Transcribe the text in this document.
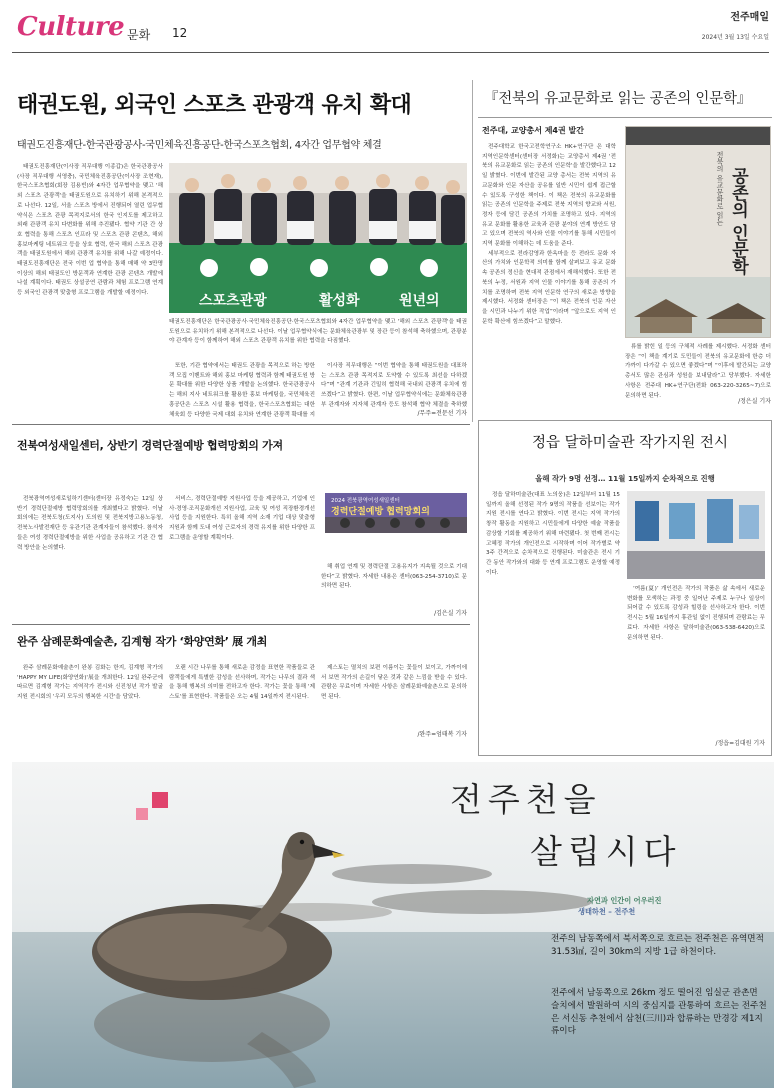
Culture 문화 12
전주매일
2024년 3월 13일 수요일
태권도원, 외국인 스포츠 관광객 유치 확대
태권도진흥재단-한국관광공사-국민체육진흥공단-한국스포츠협회, 4자간 업무협약 체결

태권도진흥재단(이사장 직무대행 이종갑)은 한국관광공사(사장 직무대행 서영충), 국민체육진흥공단(이사장 조현재), 한국스포츠협회(회장 김용빈)와 4자간 업무협약을 맺고 '해외 스포츠 관광객'을 태권도원으로 유치하기 위해 본격적으로 나선다. 12일, 서울 스포츠 방에서 진행되어 열린 업무협약식은 스포츠 관광 목적지로서의 한국 인지도를 제고하고 외래 관광객 유치 다변화를 위해 추진됐다. 협약 기관 간 상호 협력을 통해 스포츠 인프라 및 스포츠 관광 콘텐츠, 해외 홍보마케팅 네트워크 등을 상호 협력, 한국 해외 스포츠 관광객을 태권도원에서 해외 관광객 유치를 위해 나갈 예정이다. 태권도진흥재단은 전국 이번 업 협약을 통해 매해 약 3만명 이상의 해외 태권도인 방문객과 연계한 관광 콘텐츠 개발에 나설 계획이다. 태권도 상설공연 관람과 체험 프로그램 연계 등 외국인 관광객 맞춤형 프로그램을 개발할 예정이다.	스포츠관광	활성화	원년의
태권도진흥재단은 한국관광공사·국민체육진흥공단·한국스포츠협회와 4자간 업무협약을 맺고 '해외 스포츠 관광객'을 태권도원으로 유치하기 위해 본격적으로 나선다. 이날 업무협약식에는 문화체육관광부 및 장관 등이 참석해 축하했으며, 관광분야 관계자 등이 함께하여 해외 스포츠 관광객 유치를 위한 협력을 다짐했다.

또한, 기관 협약에서는 태권도 관광을 목적으로 하는 방한객 모집 이벤트와 해외 홍보 마케팅 협력과 함께 태권도원 방문 확대를 위한 다양한 상품 개발을 논의했다. 한국관광공사는 해외 지사 네트워크를 활용한 홍보 마케팅을, 국민체육진흥공단은 스포츠 시설 활용 협력을, 한국스포츠협회는 대한체육회 등 다양한 국제 대회 유치와 연계한 관광객 확대를 지

이사장 직무대행은 “이번 협약을 통해 태권도원을 대표하는 스포츠 관광 목적지로 도약할 수 있도록 최선을 다하겠다”며 “관계 기관과 긴밀히 협력해 국내외 관광객 유치에 힘쓰겠다”고 밝혔다. 한편, 이날 업무협약식에는 문화체육관광부 관계자와 지자체 관계자 등도 참석해 협약 체결을 축하했

/무주=전문선 기자
『전북의 유교문화로 읽는 공존의 인문학』
전주대, 교양총서 제4권 발간

전주대학교 한국고전학연구소 HK+연구단 은 대학 지역인문학센터(센터장 서정화)는 교양총서 제4권 '전북의 유교문화로 읽는 공존의 인문학'을 발간했다고 12일 밝혔다. 이번에 발간된 교양 총서는 전북 지역의 유교문화와 인문 자산을 공유를 일반 시민이 쉽게 접근할 수 있도록 구성한 책이다. 이 책은 전북의 유교문화를 읽는 공존의 인문학을 주제로 전북 지역의 향교와 서원, 정자 등에 담긴 공존의 가치를 조명하고 있다. 지역의 유교 문화를 활용한 교육과 관광 분야의 연계 방안도 담고 있으며 전북의 역사와 인물 이야기를 통해 시민들이 지역 문화를 이해하는 데 도움을 준다.

세부적으로 전라감영과 한옥마을 등 전라도 문화 자산의 가치와 인문학적 의미를 함께 살펴보고 유교 문화 속 공존의 정신을 현대적 관점에서 재해석했다. 또한 전북의 누정, 서원과 지역 인물 이야기를 통해 공존의 가치를 조명하며 전북 지역 인문학 연구의 새로운 방향을 제시했다. 서정화 센터장은 “이 책은 전북의 인문 자산을 시민과 나누기 위한 작업”이라며 “앞으로도 지역 인문학 확산에 힘쓰겠다”고 말했다.

전북의 유교문화로 읽는 공존의 인문학

류를 밝힌 일 등의 구체적 사례를 제시했다. 서정화 센터장은 “이 책을 계기로 도민들이 전북의 유교문화에 한층 더 가까이 다가갈 수 있으면 좋겠다”며 “이후에 발간되는 교양총서도 많은 관심과 성원을 보내달라”고 당부했다. 자세한 사항은 전주대 HK+연구단(전화 063-220-3265~7)으로 문의하면 된다.

/정은실 기자
정읍 달하미술관 작가지원 전시
올해 작가 9명 선정… 11월 15일까지 순차적으로 진행

정읍 달하미술관(대표 노의웅)은 12일부터 11월 15일까지 올해 선정된 작가 9명의 작품을 선보이는 작가지원 전시를 연다고 밝혔다. 이번 전시는 지역 작가의 창작 활동을 지원하고 시민들에게 다양한 예술 작품을 감상할 기회를 제공하기 위해 마련됐다. 첫 번째 전시는 고혜정 작가의 개인전으로 시작하며 이어 작가별로 약 3주 간격으로 순차적으로 진행된다. 미술관은 전시 기간 동안 작가와의 대화 등 연계 프로그램도 운영할 예정이다.

‘여름(夏)’ 개인전은 작가의 작품은 삶 속에서 새로운 변화를 모색하는 과정 중 일어난 주제로 누구나 일상이 되어갈 수 있도록 감성과 힐링을 선사하고자 한다. 이번 전시는 5월 16일까지 휴관일 없이 진행되며 관람료는 무료다. 자세한 사항은 달하미술관(063-538-6420)으로 문의하면 된다.

/정읍=김대원 기자
전북여성새일센터, 상반기 경력단절예방 협력망회의 가져

전북광역여성새로일하기센터(센터장 유정숙)는 12일 상반기 경력단절예방 협력망회의를 개최했다고 밝혔다. 이날 회의에는 전북도청(도지사) 도의원 및 전북지방고용노동청, 전북노사발전재단 등 유관기관 관계자들이 참석했다. 참석자들은 여성 경력단절예방을 위한 사업을 공유하고 기관 간 협력 방안을 논의했다.

서비스, 경력단절예방 지원사업 등을 제공하고, 기업에 인사·경영·조직문화개선 지원사업, 교육 및 여성 직장환경개선 사업 등을 지원한다. 특히 올해 지역 소재 기업 대상 맞춤형 지원과 함께 도내 여성 근로자의 경력 유지를 위한 다양한 프로그램을 운영할 계획이다.

2024 전북광역여성새일센터
경력단절예방 협력망회의

해 취업 연계 및 경력단절 고용유지가 지속될 것으로 기대한다”고 밝혔다. 자세한 내용은 센터(063-254-3710)로 문의하면 된다.

/김은실 기자
완주 삼례문화예술촌, 김계형 작가 ‘화양연화’ 展 개최

완주 삼례문화예술촌이 완봉 김화는 한지, 김계형 작가의 'HAPPY MY LIFE(화양연화)'展을 개최한다. 12일 완주군에 따르면 김계형 작가는 지역작가 전시와 신진청년 작가 발굴 지원 전시회의 '우리 모두의 행복한 시간'을 담았다.

오랜 시간 나무를 통해 새로운 감정을 표현한 작품들로 관람객들에게 특별한 감성을 선사하며, 작가는 나무의 결과 색을 통해 행복의 의미를 전하고자 한다. 작가는 꽃을 통해 '제스토'를 표현한다. 작품들은 오는 4월 14일까지 전시된다.

제스토는 멸치의 보편 이름이는 꽃들이 보이고, 가까이에서 보면 작가의 손길이 닿은 것과 같은 느낌을 받을 수 있다. 관람은 무료이며 자세한 사항은 삼례문화예술촌으로 문의하면 된다.

/완주=엄태복 기자
전주천을
살립시다
자연과 인간이 어우러진
생태하천 – 전주천
전주의 남동쪽에서 북서쪽으로 흐르는 전주천은 유역면적 31.53㎢, 길이 30km의 지방 1급 하천이다.
전주에서 남동쪽으로 26km 정도 떨어진 임실군 관촌면 슬치에서 발원하여 시의 중심지를 관통하여 흐르는 전주천은 서신동 추천에서 삼천(三川)과 합류하는 만경강 제1지류이다
